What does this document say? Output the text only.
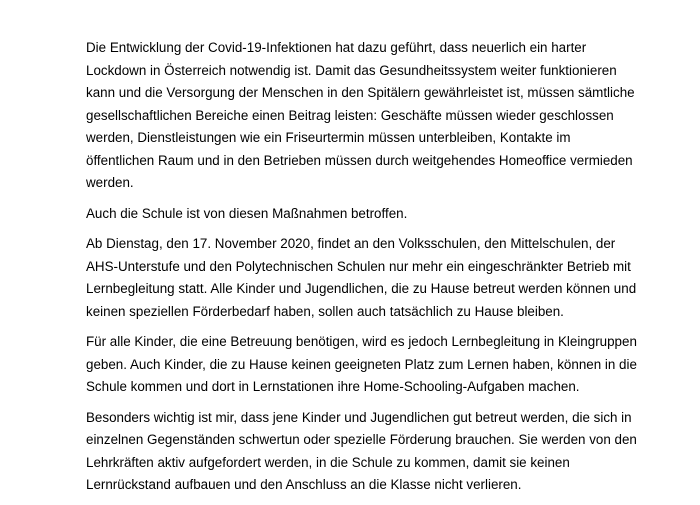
Die Entwicklung der Covid-19-Infektionen hat dazu geführt, dass neuerlich ein harter
Lockdown in Österreich notwendig ist. Damit das Gesundheitssystem weiter funktionieren
kann und die Versorgung der Menschen in den Spitälern gewährleistet ist, müssen sämtliche
gesellschaftlichen Bereiche einen Beitrag leisten: Geschäfte müssen wieder geschlossen
werden, Dienstleistungen wie ein Friseurtermin müssen unterbleiben, Kontakte im
öffentlichen Raum und in den Betrieben müssen durch weitgehendes Homeoffice vermieden
werden.

Auch die Schule ist von diesen Maßnahmen betroffen.

Ab Dienstag, den 17. November 2020, findet an den Volksschulen, den Mittelschulen, der
AHS-Unterstufe und den Polytechnischen Schulen nur mehr ein eingeschränkter Betrieb mit
Lernbegleitung statt. Alle Kinder und Jugendlichen, die zu Hause betreut werden können und
keinen speziellen Förderbedarf haben, sollen auch tatsächlich zu Hause bleiben.

Für alle Kinder, die eine Betreuung benötigen, wird es jedoch Lernbegleitung in Kleingruppen
geben. Auch Kinder, die zu Hause keinen geeigneten Platz zum Lernen haben, können in die
Schule kommen und dort in Lernstationen ihre Home-Schooling-Aufgaben machen.

Besonders wichtig ist mir, dass jene Kinder und Jugendlichen gut betreut werden, die sich in
einzelnen Gegenständen schwertun oder spezielle Förderung brauchen. Sie werden von den
Lehrkräften aktiv aufgefordert werden, in die Schule zu kommen, damit sie keinen
Lernrückstand aufbauen und den Anschluss an die Klasse nicht verlieren.
